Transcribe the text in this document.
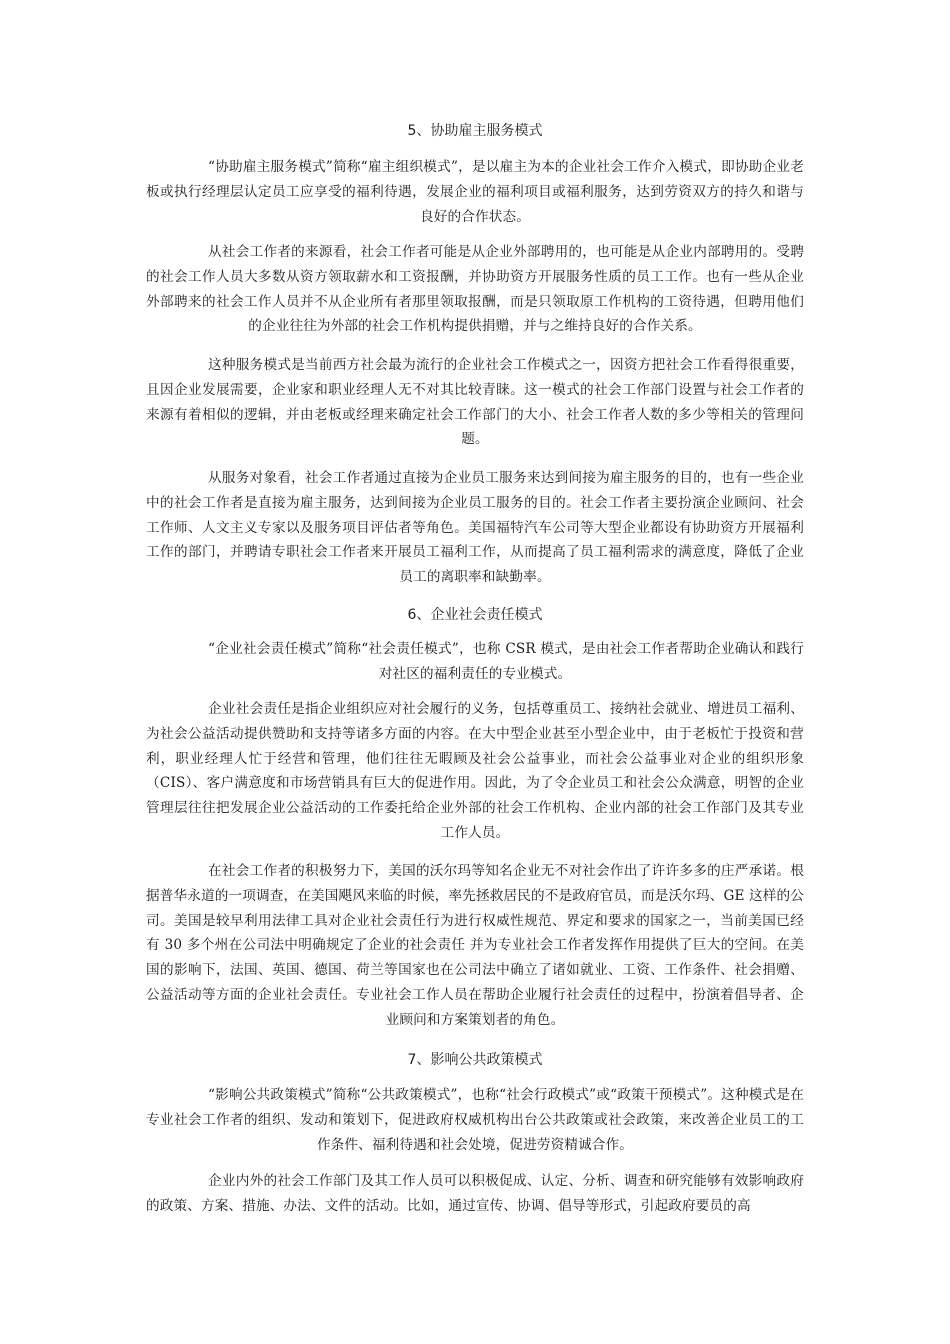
5、协助雇主服务模式
“协助雇主服务模式”简称“雇主组织模式”，是以雇主为本的企业社会工作介入模式，即协助企业老板或执行经理层认定员工应享受的福利待遇，发展企业的福利项目或福利服务，达到劳资双方的持久和谐与良好的合作状态。
从社会工作者的来源看，社会工作者可能是从企业外部聘用的，也可能是从企业内部聘用的。受聘的社会工作人员大多数从资方领取薪水和工资报酬，并协助资方开展服务性质的员工工作。也有一些从企业外部聘来的社会工作人员并不从企业所有者那里领取报酬，而是只领取原工作机构的工资待遇，但聘用他们的企业往往为外部的社会工作机构提供捐赠，并与之维持良好的合作关系。
这种服务模式是当前西方社会最为流行的企业社会工作模式之一，因资方把社会工作看得很重要，且因企业发展需要，企业家和职业经理人无不对其比较青睐。这一模式的社会工作部门设置与社会工作者的来源有着相似的逻辑，并由老板或经理来确定社会工作部门的大小、社会工作者人数的多少等相关的管理问题。
从服务对象看，社会工作者通过直接为企业员工服务来达到间接为雇主服务的目的，也有一些企业中的社会工作者是直接为雇主服务，达到间接为企业员工服务的目的。社会工作者主要扮演企业顾问、社会工作师、人文主义专家以及服务项目评估者等角色。美国福特汽车公司等大型企业都设有协助资方开展福利工作的部门，并聘请专职社会工作者来开展员工福利工作，从而提高了员工福利需求的满意度，降低了企业员工的离职率和缺勤率。
6、企业社会责任模式
“企业社会责任模式”简称“社会责任模式”，也称 CSR 模式，是由社会工作者帮助企业确认和践行对社区的福利责任的专业模式。
企业社会责任是指企业组织应对社会履行的义务，包括尊重员工、接纳社会就业、增进员工福利、为社会公益活动提供赞助和支持等诸多方面的内容。在大中型企业甚至小型企业中，由于老板忙于投资和营利，职业经理人忙于经营和管理，他们往往无暇顾及社会公益事业，而社会公益事业对企业的组织形象（CIS）、客户满意度和市场营销具有巨大的促进作用。因此，为了令企业员工和社会公众满意，明智的企业管理层往往把发展企业公益活动的工作委托给企业外部的社会工作机构、企业内部的社会工作部门及其专业工作人员。
在社会工作者的积极努力下，美国的沃尔玛等知名企业无不对社会作出了许许多多的庄严承诺。根据普华永道的一项调查，在美国飓风来临的时候，率先拯救居民的不是政府官员，而是沃尔玛、GE 这样的公司。美国是较早利用法律工具对企业社会责任行为进行权威性规范、界定和要求的国家之一，当前美国已经有 30 多个州在公司法中明确规定了企业的社会责任 并为专业社会工作者发挥作用提供了巨大的空间。在美国的影响下，法国、英国、德国、荷兰等国家也在公司法中确立了诸如就业、工资、工作条件、社会捐赠、公益活动等方面的企业社会责任。专业社会工作人员在帮助企业履行社会责任的过程中，扮演着倡导者、企业顾问和方案策划者的角色。
7、影响公共政策模式
“影响公共政策模式”简称“公共政策模式”，也称“社会行政模式”或“政策干预模式”。这种模式是在专业社会工作者的组织、发动和策划下，促进政府权威机构出台公共政策或社会政策，来改善企业员工的工作条件、福利待遇和社会处境，促进劳资精诚合作。
企业内外的社会工作部门及其工作人员可以积极促成、认定、分析、调查和研究能够有效影响政府的政策、方案、措施、办法、文件的活动。比如，通过宣传、协调、倡导等形式，引起政府要员的高
